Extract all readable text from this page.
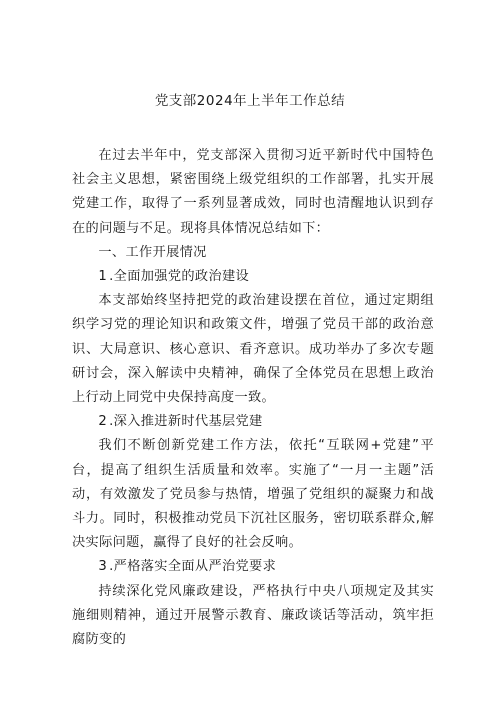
党支部2024年上半年工作总结

在过去半年中，党支部深入贯彻习近平新时代中国特色社会主义思想，紧密围绕上级党组织的工作部署，扎实开展党建工作，取得了一系列显著成效，同时也清醒地认识到存在的问题与不足。现将具体情况总结如下：

一、工作开展情况

1 .全面加强党的政治建设

本支部始终坚持把党的政治建设摆在首位，通过定期组织学习党的理论知识和政策文件，增强了党员干部的政治意识、大局意识、核心意识、看齐意识。成功举办了多次专题研讨会，深入解读中央精神，确保了全体党员在思想上政治上行动上同党中央保持高度一致。

2 .深入推进新时代基层党建

我们不断创新党建工作方法，依托“互联网+党建”平台，提高了组织生活质量和效率。实施了“一月一主题”活动，有效激发了党员参与热情，增强了党组织的凝聚力和战斗力。同时，积极推动党员下沉社区服务，密切联系群众,解决实际问题，赢得了良好的社会反响。

3 .严格落实全面从严治党要求

持续深化党风廉政建设，严格执行中央八项规定及其实施细则精神，通过开展警示教育、廉政谈话等活动，筑牢拒腐防变的
